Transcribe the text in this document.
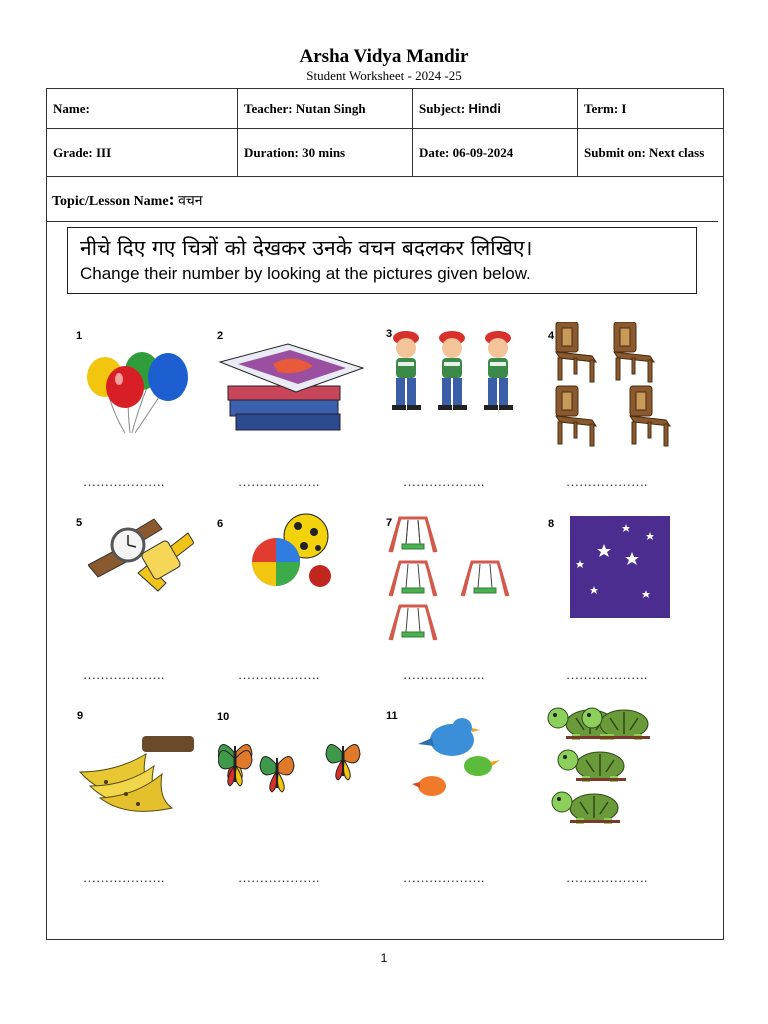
Arsha Vidya Mandir
Student Worksheet - 2024 -25
Name:	Teacher: Nutan Singh	Subject: Hindi	Term: I
Grade: III	Duration: 30 mins	Date: 06-09-2024	Submit on: Next class
Topic/Lesson Name: वचन
नीचे दिए गए चित्रों को देखकर उनके वचन बदलकर लिखिए।
Change their number by looking at the pictures given below.
1	2	3	4
……………….	……………….	……………….	……………….
5	6	7	8
……………….	……………….	……………….	……………….
9	10	11
……………….	……………….	……………….	……………….
1
